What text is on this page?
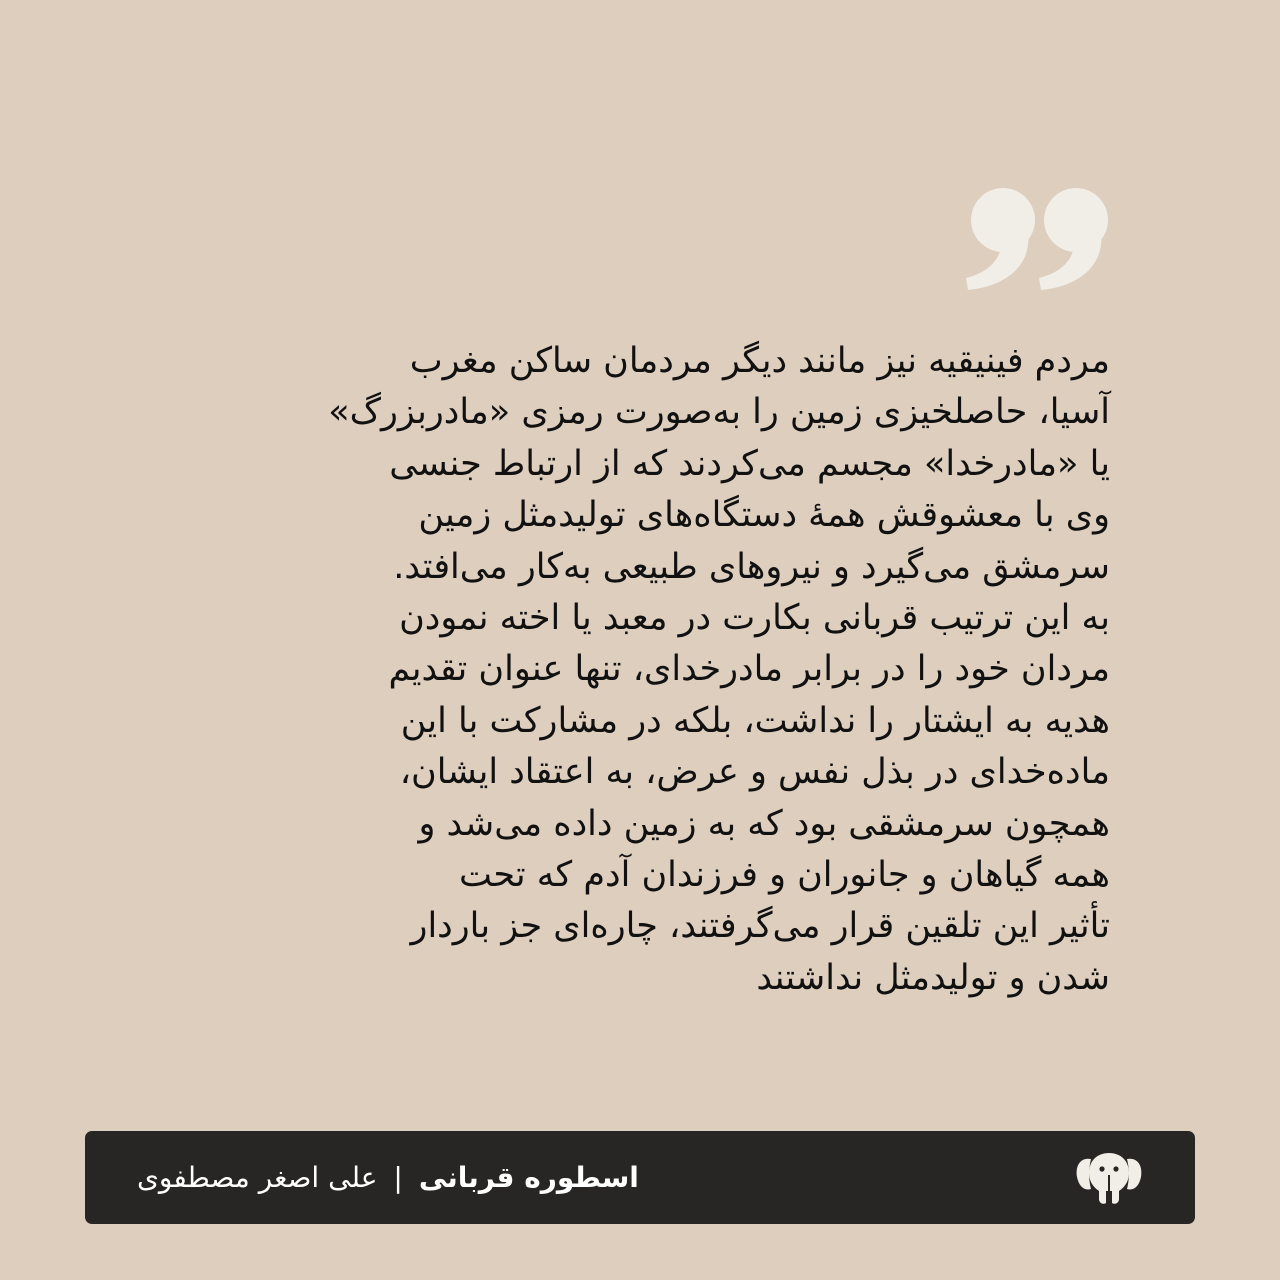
مردم فینیقیه نیز مانند دیگر مردمان ساکن مغرب
آسیا، حاصلخیزی زمین را به‌صورت رمزی «مادربزرگ»
یا «مادرخدا» مجسم می‌کردند که از ارتباط جنسی
وی با معشوقش همهٔ دستگاه‌های تولیدمثل زمین
سرمشق می‌گیرد و نیروهای طبیعی به‌کار می‌افتد.
به این ترتیب قربانی بکارت در معبد یا اخته نمودن
مردان خود را در برابر مادرخدای، تنها عنوان تقدیم
هدیه به ایشتار را نداشت، بلکه در مشارکت با این
ماده‌خدای در بذل نفس و عرض، به اعتقاد ایشان،
همچون سرمشقی بود که به زمین داده می‌شد و
همه گیاهان و جانوران و فرزندان آدم که تحت
تأثیر این تلقین قرار می‌گرفتند، چاره‌ای جز باردار
شدن و تولیدمثل نداشتند

اسطوره قربانی
|
علی اصغر مصطفوی
